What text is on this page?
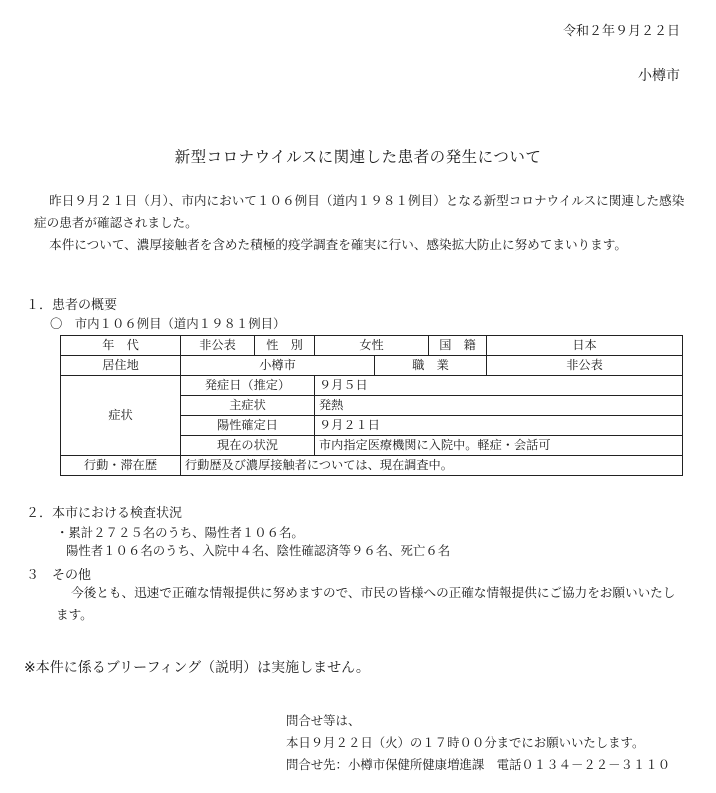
令和２年９月２２日
小樽市
新型コロナウイルスに関連した患者の発生について
昨日９月２１日（月）、市内において１０６例目（道内１９８１例目）となる新型コロナウイルスに関連した感染症の患者が確認されました。
本件について、濃厚接触者を含めた積極的疫学調査を確実に行い、感染拡大防止に努めてまいります。
１．患者の概要
〇　市内１０６例目（道内１９８１例目）
年　代	非公表	性　別	女性		国　籍	日本
居住地	小樽市			職　業		非公表
症状	発症日（推定）		９月５日			
	主症状		発熱			
	陽性確定日		９月２１日			
	現在の状況		市内指定医療機関に入院中。軽症・会話可			
行動・滞在歴	行動歴及び濃厚接触者については、現在調査中。					
２．本市における検査状況
・累計２７２５名のうち、陽性者１０６名。
陽性者１０６名のうち、入院中４名、陰性確認済等９６名、死亡６名
３　その他
今後とも、迅速で正確な情報提供に努めますので、市民の皆様への正確な情報提供にご協力をお願いいたします。
※本件に係るブリーフィング（説明）は実施しません。
問合せ等は、
本日９月２２日（火）の１７時００分までにお願いいたします。
問合せ先：小樽市保健所健康増進課　電話０１３４－２２－３１１０
